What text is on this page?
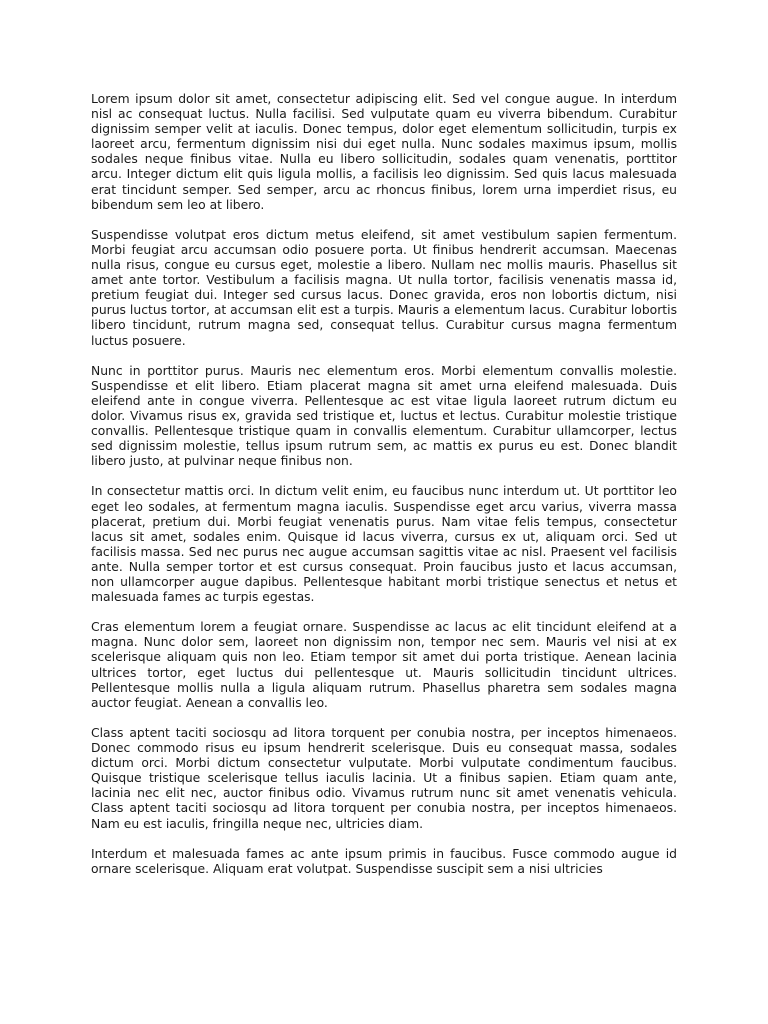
Lorem ipsum dolor sit amet, consectetur adipiscing elit. Sed vel congue augue. In interdum nisl ac consequat luctus. Nulla facilisi. Sed vulputate quam eu viverra bibendum. Curabitur dignissim semper velit at iaculis. Donec tempus, dolor eget elementum sollicitudin, turpis ex laoreet arcu, fermentum dignissim nisi dui eget nulla. Nunc sodales maximus ipsum, mollis sodales neque finibus vitae. Nulla eu libero sollicitudin, sodales quam venenatis, porttitor arcu. Integer dictum elit quis ligula mollis, a facilisis leo dignissim. Sed quis lacus malesuada erat tincidunt semper. Sed semper, arcu ac rhoncus finibus, lorem urna imperdiet risus, eu bibendum sem leo at libero.

Suspendisse volutpat eros dictum metus eleifend, sit amet vestibulum sapien fermentum. Morbi feugiat arcu accumsan odio posuere porta. Ut finibus hendrerit accumsan. Maecenas nulla risus, congue eu cursus eget, molestie a libero. Nullam nec mollis mauris. Phasellus sit amet ante tortor. Vestibulum a facilisis magna. Ut nulla tortor, facilisis venenatis massa id, pretium feugiat dui. Integer sed cursus lacus. Donec gravida, eros non lobortis dictum, nisi purus luctus tortor, at accumsan elit est a turpis. Mauris a elementum lacus. Curabitur lobortis libero tincidunt, rutrum magna sed, consequat tellus. Curabitur cursus magna fermentum luctus posuere.

Nunc in porttitor purus. Mauris nec elementum eros. Morbi elementum convallis molestie. Suspendisse et elit libero. Etiam placerat magna sit amet urna eleifend malesuada. Duis eleifend ante in congue viverra. Pellentesque ac est vitae ligula laoreet rutrum dictum eu dolor. Vivamus risus ex, gravida sed tristique et, luctus et lectus. Curabitur molestie tristique convallis. Pellentesque tristique quam in convallis elementum. Curabitur ullamcorper, lectus sed dignissim molestie, tellus ipsum rutrum sem, ac mattis ex purus eu est. Donec blandit libero justo, at pulvinar neque finibus non.

In consectetur mattis orci. In dictum velit enim, eu faucibus nunc interdum ut. Ut porttitor leo eget leo sodales, at fermentum magna iaculis. Suspendisse eget arcu varius, viverra massa placerat, pretium dui. Morbi feugiat venenatis purus. Nam vitae felis tempus, consectetur lacus sit amet, sodales enim. Quisque id lacus viverra, cursus ex ut, aliquam orci. Sed ut facilisis massa. Sed nec purus nec augue accumsan sagittis vitae ac nisl. Praesent vel facilisis ante. Nulla semper tortor et est cursus consequat. Proin faucibus justo et lacus accumsan, non ullamcorper augue dapibus. Pellentesque habitant morbi tristique senectus et netus et malesuada fames ac turpis egestas.

Cras elementum lorem a feugiat ornare. Suspendisse ac lacus ac elit tincidunt eleifend at a magna. Nunc dolor sem, laoreet non dignissim non, tempor nec sem. Mauris vel nisi at ex scelerisque aliquam quis non leo. Etiam tempor sit amet dui porta tristique. Aenean lacinia ultrices tortor, eget luctus dui pellentesque ut. Mauris sollicitudin tincidunt ultrices. Pellentesque mollis nulla a ligula aliquam rutrum. Phasellus pharetra sem sodales magna auctor feugiat. Aenean a convallis leo.

Class aptent taciti sociosqu ad litora torquent per conubia nostra, per inceptos himenaeos. Donec commodo risus eu ipsum hendrerit scelerisque. Duis eu consequat massa, sodales dictum orci. Morbi dictum consectetur vulputate. Morbi vulputate condimentum faucibus. Quisque tristique scelerisque tellus iaculis lacinia. Ut a finibus sapien. Etiam quam ante, lacinia nec elit nec, auctor finibus odio. Vivamus rutrum nunc sit amet venenatis vehicula. Class aptent taciti sociosqu ad litora torquent per conubia nostra, per inceptos himenaeos. Nam eu est iaculis, fringilla neque nec, ultricies diam.

Interdum et malesuada fames ac ante ipsum primis in faucibus. Fusce commodo augue id ornare scelerisque. Aliquam erat volutpat. Suspendisse suscipit sem a nisi ultricies
